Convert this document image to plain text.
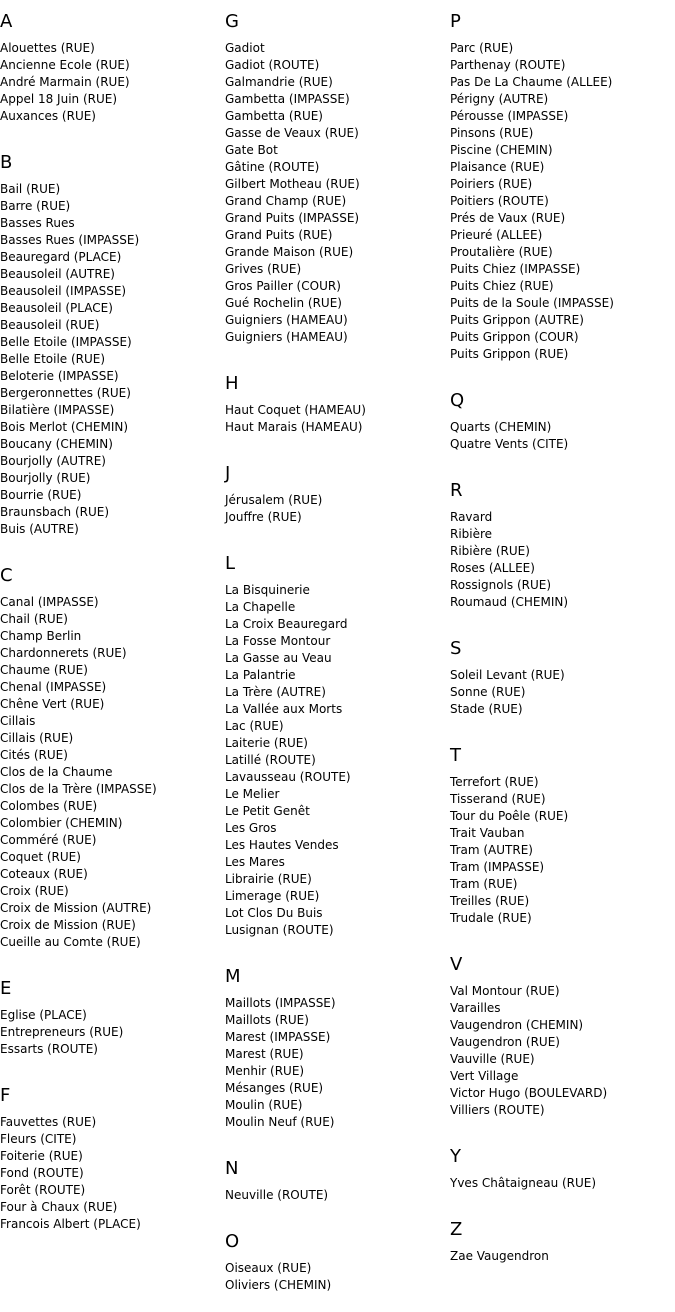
A
Alouettes (RUE)
Ancienne Ecole (RUE)
André Marmain (RUE)
Appel 18 Juin (RUE)
Auxances (RUE)
B
Bail (RUE)
Barre (RUE)
Basses Rues
Basses Rues (IMPASSE)
Beauregard (PLACE)
Beausoleil (AUTRE)
Beausoleil (IMPASSE)
Beausoleil (PLACE)
Beausoleil (RUE)
Belle Etoile (IMPASSE)
Belle Etoile (RUE)
Beloterie (IMPASSE)
Bergeronnettes (RUE)
Bilatière (IMPASSE)
Bois Merlot (CHEMIN)
Boucany (CHEMIN)
Bourjolly (AUTRE)
Bourjolly (RUE)
Bourrie (RUE)
Braunsbach (RUE)
Buis (AUTRE)
C
Canal (IMPASSE)
Chail (RUE)
Champ Berlin
Chardonnerets (RUE)
Chaume (RUE)
Chenal (IMPASSE)
Chêne Vert (RUE)
Cillais
Cillais (RUE)
Cités (RUE)
Clos de la Chaume
Clos de la Trère (IMPASSE)
Colombes (RUE)
Colombier (CHEMIN)
Comméré (RUE)
Coquet (RUE)
Coteaux (RUE)
Croix (RUE)
Croix de Mission (AUTRE)
Croix de Mission (RUE)
Cueille au Comte (RUE)
E
Eglise (PLACE)
Entrepreneurs (RUE)
Essarts (ROUTE)
F
Fauvettes (RUE)
Fleurs (CITE)
Foiterie (RUE)
Fond (ROUTE)
Forêt (ROUTE)
Four à Chaux (RUE)
Francois Albert (PLACE)
G
Gadiot
Gadiot (ROUTE)
Galmandrie (RUE)
Gambetta (IMPASSE)
Gambetta (RUE)
Gasse de Veaux (RUE)
Gate Bot
Gâtine (ROUTE)
Gilbert Motheau (RUE)
Grand Champ (RUE)
Grand Puits (IMPASSE)
Grand Puits (RUE)
Grande Maison (RUE)
Grives (RUE)
Gros Pailler (COUR)
Gué Rochelin (RUE)
Guigniers (HAMEAU)
Guigniers (HAMEAU)
H
Haut Coquet (HAMEAU)
Haut Marais (HAMEAU)
J
Jérusalem (RUE)
Jouffre (RUE)
L
La Bisquinerie
La Chapelle
La Croix Beauregard
La Fosse Montour
La Gasse au Veau
La Palantrie
La Trère (AUTRE)
La Vallée aux Morts
Lac (RUE)
Laiterie (RUE)
Latillé (ROUTE)
Lavausseau (ROUTE)
Le Melier
Le Petit Genêt
Les Gros
Les Hautes Vendes
Les Mares
Librairie (RUE)
Limerage (RUE)
Lot Clos Du Buis
Lusignan (ROUTE)
M
Maillots (IMPASSE)
Maillots (RUE)
Marest (IMPASSE)
Marest (RUE)
Menhir (RUE)
Mésanges (RUE)
Moulin (RUE)
Moulin Neuf (RUE)
N
Neuville (ROUTE)
O
Oiseaux (RUE)
Oliviers (CHEMIN)
P
Parc (RUE)
Parthenay (ROUTE)
Pas De La Chaume (ALLEE)
Périgny (AUTRE)
Pérousse (IMPASSE)
Pinsons (RUE)
Piscine (CHEMIN)
Plaisance (RUE)
Poiriers (RUE)
Poitiers (ROUTE)
Prés de Vaux (RUE)
Prieuré (ALLEE)
Proutalière (RUE)
Puits Chiez (IMPASSE)
Puits Chiez (RUE)
Puits de la Soule (IMPASSE)
Puits Grippon (AUTRE)
Puits Grippon (COUR)
Puits Grippon (RUE)
Q
Quarts (CHEMIN)
Quatre Vents (CITE)
R
Ravard
Ribière
Ribière (RUE)
Roses (ALLEE)
Rossignols (RUE)
Roumaud (CHEMIN)
S
Soleil Levant (RUE)
Sonne (RUE)
Stade (RUE)
T
Terrefort (RUE)
Tisserand (RUE)
Tour du Poêle (RUE)
Trait Vauban
Tram (AUTRE)
Tram (IMPASSE)
Tram (RUE)
Treilles (RUE)
Trudale (RUE)
V
Val Montour (RUE)
Varailles
Vaugendron (CHEMIN)
Vaugendron (RUE)
Vauville (RUE)
Vert Village
Victor Hugo (BOULEVARD)
Villiers (ROUTE)
Y
Yves Châtaigneau (RUE)
Z
Zae Vaugendron
